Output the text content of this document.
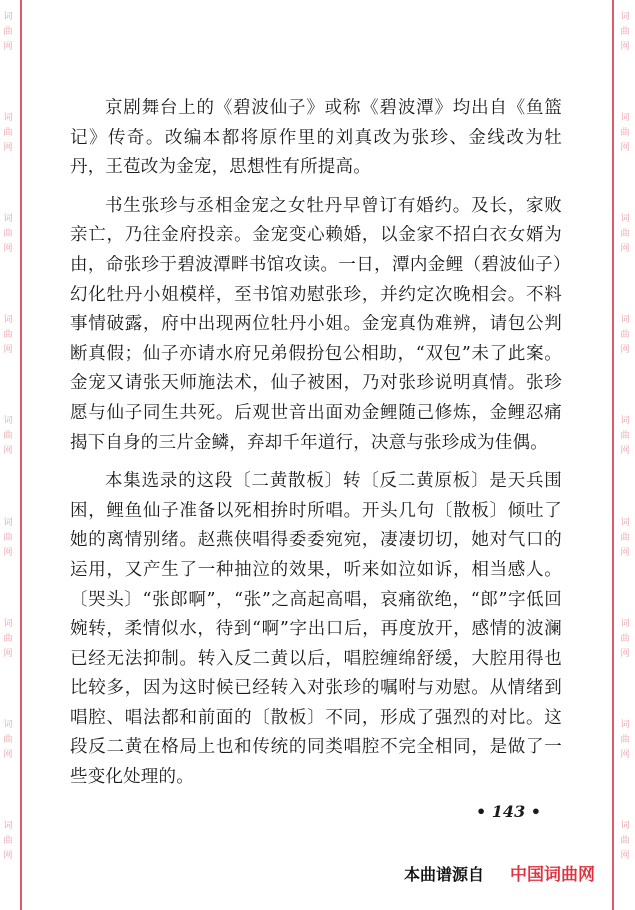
词
曲
网
词
曲
网
词
曲
网
词
曲
网
词
曲
网
词
曲
网
词
曲
网
词
曲
网
词
曲
网
词
曲
网
词
曲
网
词
曲
网
词
曲
网
词
曲
网
词
曲
网
词
曲
网
词
曲
网
词
曲
网

京剧舞台上的《碧波仙子》或称《碧波潭》均出自《鱼篮记》传奇。改编本都将原作里的刘真改为张珍、金线改为牡丹，王苞改为金宠，思想性有所提高。

书生张珍与丞相金宠之女牡丹早曾订有婚约。及长，家败亲亡，乃往金府投亲。金宠变心赖婚，以金家不招白衣女婿为由，命张珍于碧波潭畔书馆攻读。一日，潭内金鲤（碧波仙子）幻化牡丹小姐模样，至书馆劝慰张珍，并约定次晚相会。不料事情破露，府中出现两位牡丹小姐。金宠真伪难辨，请包公判断真假；仙子亦请水府兄弟假扮包公相助，“双包”未了此案。金宠又请张天师施法术，仙子被困，乃对张珍说明真情。张珍愿与仙子同生共死。后观世音出面劝金鲤随己修炼，金鲤忍痛揭下自身的三片金鳞，弃却千年道行，决意与张珍成为佳偶。

本集选录的这段〔二黄散板〕转〔反二黄原板〕是天兵围困，鲤鱼仙子准备以死相拚时所唱。开头几句〔散板〕倾吐了她的离情别绪。赵燕侠唱得委委宛宛，凄凄切切，她对气口的运用，又产生了一种抽泣的效果，听来如泣如诉，相当感人。〔哭头〕“张郎啊”，“张”之高起高唱，哀痛欲绝，“郎”字低回婉转，柔情似水，待到“啊”字出口后，再度放开，感情的波澜已经无法抑制。转入反二黄以后，唱腔缠绵舒缓，大腔用得也比较多，因为这时候已经转入对张珍的嘱咐与劝慰。从情绪到唱腔、唱法都和前面的〔散板〕不同，形成了强烈的对比。这段反二黄在格局上也和传统的同类唱腔不完全相同，是做了一些变化处理的。

• 143 •
本曲谱源自 中国词曲网
